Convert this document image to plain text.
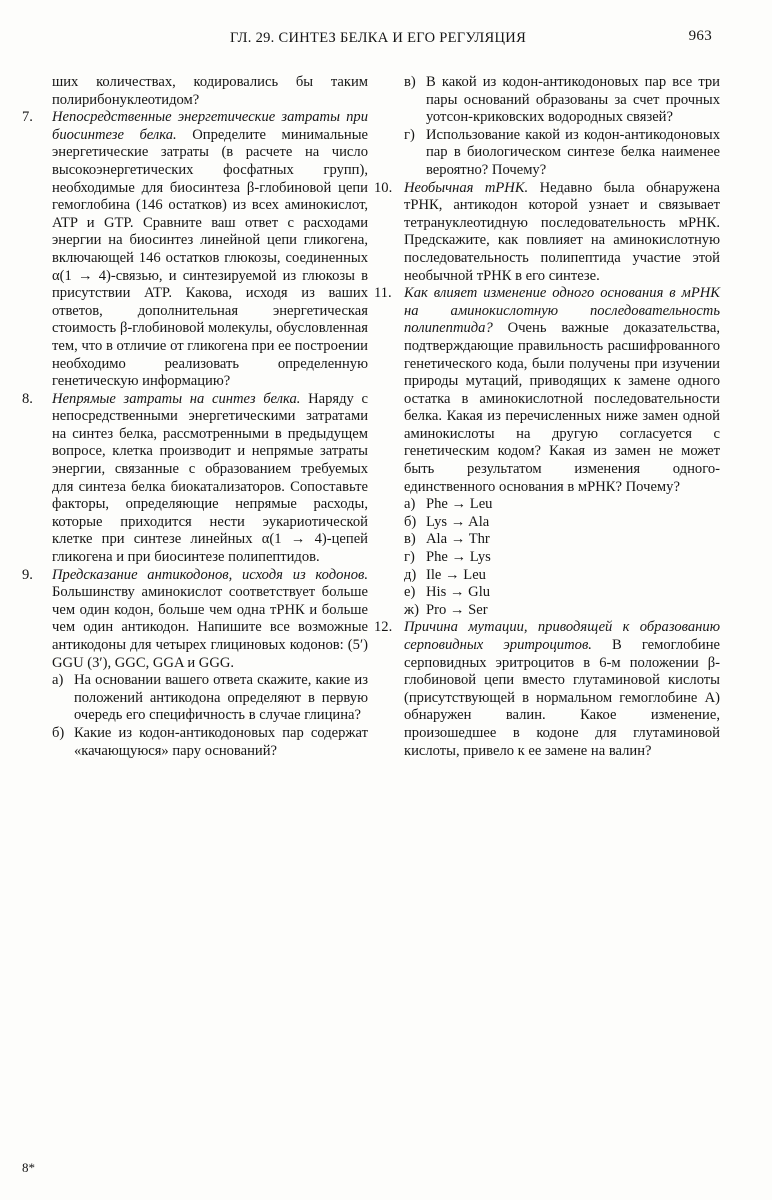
ГЛ. 29. СИНТЕЗ БЕЛКА И ЕГО РЕГУЛЯЦИЯ	963
ших количествах, кодировались бы таким полирибонуклеотидом?
7. Непосредственные энергетические затраты при биосинтезе белка. Определите минимальные энергетические затраты (в расчете на число высокоэнергетических фосфатных групп), необходимые для биосинтеза β-глобиновой цепи гемоглобина (146 остатков) из всех аминокислот, ATP и GTP. Сравните ваш ответ с расходами энергии на биосинтез линейной цепи гликогена, включающей 146 остатков глюкозы, соединенных α(1 → 4)-связью, и синтезируемой из глюкозы в присутствии ATP. Какова, исходя из ваших ответов, дополнительная энергетическая стоимость β-глобиновой молекулы, обусловленная тем, что в отличие от гликогена при ее построении необходимо реализовать определенную генетическую информацию?
8. Непрямые затраты на синтез белка. Наряду с непосредственными энергетическими затратами на синтез белка, рассмотренными в предыдущем вопросе, клетка производит и непрямые затраты энергии, связанные с образованием требуемых для синтеза белка биокатализаторов. Сопоставьте факторы, определяющие непрямые расходы, которые приходится нести эукариотической клетке при синтезе линейных α(1 → 4)-цепей гликогена и при биосинтезе полипептидов.
9. Предсказание антикодонов, исходя из кодонов. Большинству аминокислот соответствует больше чем один кодон, больше чем одна тРНК и больше чем один антикодон. Напишите все возможные антикодоны для четырех глициновых кодонов: (5′) GGU (3′), GGC, GGA и GGG.
а) На основании вашего ответа скажите, какие из положений антикодона определяют в первую очередь его специфичность в случае глицина?
б) Какие из кодон-антикодоновых пар содержат «качающуюся» пару оснований?
в) В какой из кодон-антикодоновых пар все три пары оснований образованы за счет прочных уотсон-криковских водородных связей?
г) Использование какой из кодон-антикодоновых пар в биологическом синтезе белка наименее вероятно? Почему?
10. Необычная тРНК. Недавно была обнаружена тРНК, антикодон которой узнает и связывает тетрануклеотидную последовательность мРНК. Предскажите, как повлияет на аминокислотную последовательность полипептида участие этой необычной тРНК в его синтезе.
11. Как влияет изменение одного основания в мРНК на аминокислотную последовательность полипептида? Очень важные доказательства, подтверждающие правильность расшифрованного генетического кода, были получены при изучении природы мутаций, приводящих к замене одного остатка в аминокислотной последовательности белка. Какая из перечисленных ниже замен одной аминокислоты на другую согласуется с генетическим кодом? Какая из замен не может быть результатом изменения одного-единственного основания в мРНК? Почему?
а) Phe → Leu
б) Lys → Ala
в) Ala → Thr
г) Phe → Lys
д) Ile → Leu
е) His → Glu
ж) Pro → Ser
12. Причина мутации, приводящей к образованию серповидных эритроцитов. В гемоглобине серповидных эритроцитов в 6-м положении β-глобиновой цепи вместо глутаминовой кислоты (присутствующей в нормальном гемоглобине А) обнаружен валин. Какое изменение, произошедшее в кодоне для глутаминовой кислоты, привело к ее замене на валин?
8*
